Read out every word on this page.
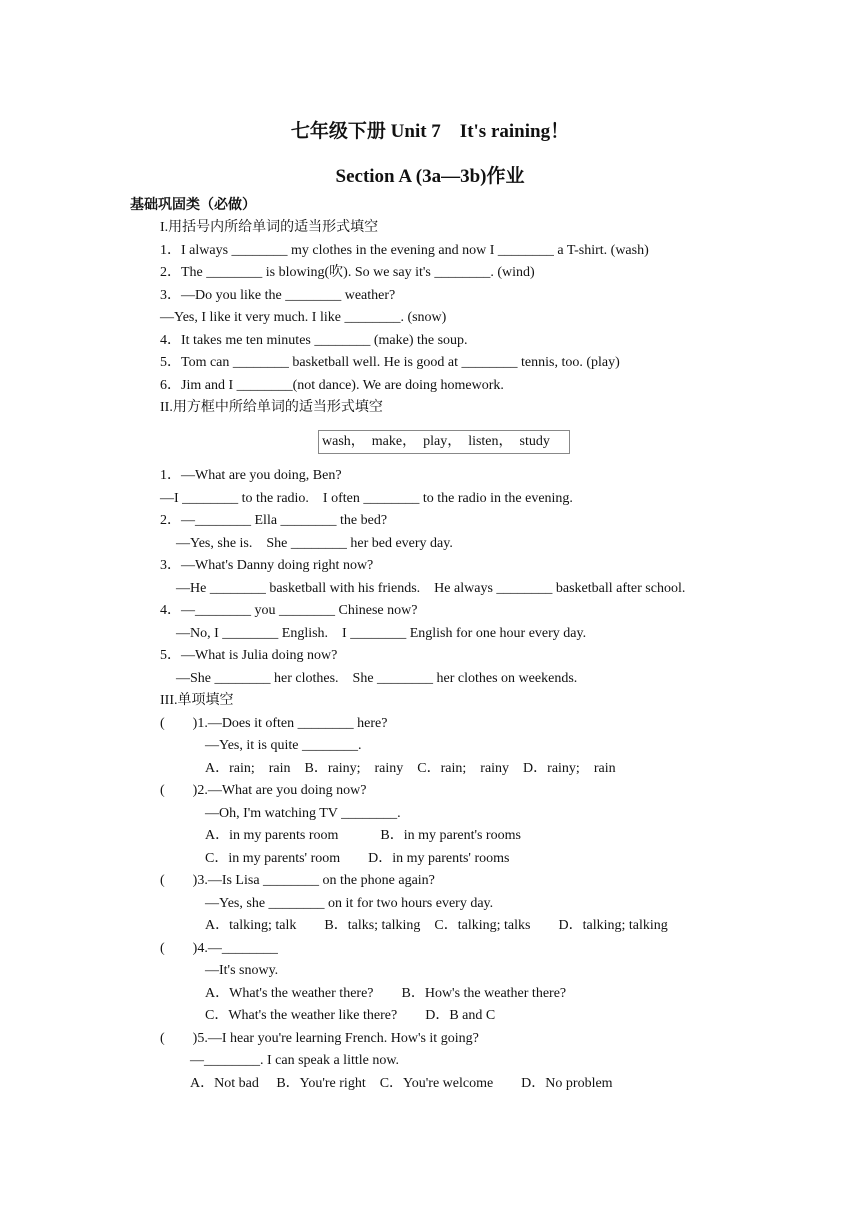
七年级下册 Unit 7　It's raining！
Section A (3a—3b)作业
基础巩固类（必做）
I.用括号内所给单词的适当形式填空
1．I always ________ my clothes in the evening and now I ________ a T-shirt. (wash)
2．The ________ is blowing(吹). So we say it's ________. (wind)
3．—Do you like the ________ weather?
—Yes, I like it very much. I like ________. (snow)
4．It takes me ten minutes ________ (make) the soup.
5．Tom can ________ basketball well. He is good at ________ tennis, too. (play)
6．Jim and I ________(not dance). We are doing homework.
II.用方框中所给单词的适当形式填空
wash，　make，　play，　listen，　study
1．—What are you doing, Ben?
—I ________ to the radio.　I often ________ to the radio in the evening.
2．—________ Ella ________ the bed?
—Yes, she is.　She ________ her bed every day.
3．—What's Danny doing right now?
—He ________ basketball with his friends.　He always ________ basketball after school.
4．—________ you ________ Chinese now?
—No, I ________ English.　I ________ English for one hour every day.
5．—What is Julia doing now?
—She ________ her clothes.　She ________ her clothes on weekends.
III.单项填空
(　　)1.—Does it often ________ here?
—Yes, it is quite ________.
A．rain;　rain　B．rainy;　rainy　C．rain;　rainy　D．rainy;　rain
(　　)2.—What are you doing now?
—Oh, I'm watching TV ________.
A．in my parents room　　　B．in my parent's rooms
C．in my parents' room　　D．in my parents' rooms
(　　)3.—Is Lisa ________ on the phone again?
—Yes, she ________ on it for two hours every day.
A．talking; talk　　B．talks; talking　C．talking; talks　　D．talking; talking
(　　)4.—________
—It's snowy.
A．What's the weather there?　　B．How's the weather there?
C．What's the weather like there?　　D．B and C
(　　)5.—I hear you're learning French. How's it going?
—________. I can speak a little now.
A．Not bad　 B．You're right　C．You're welcome　　D．No problem
